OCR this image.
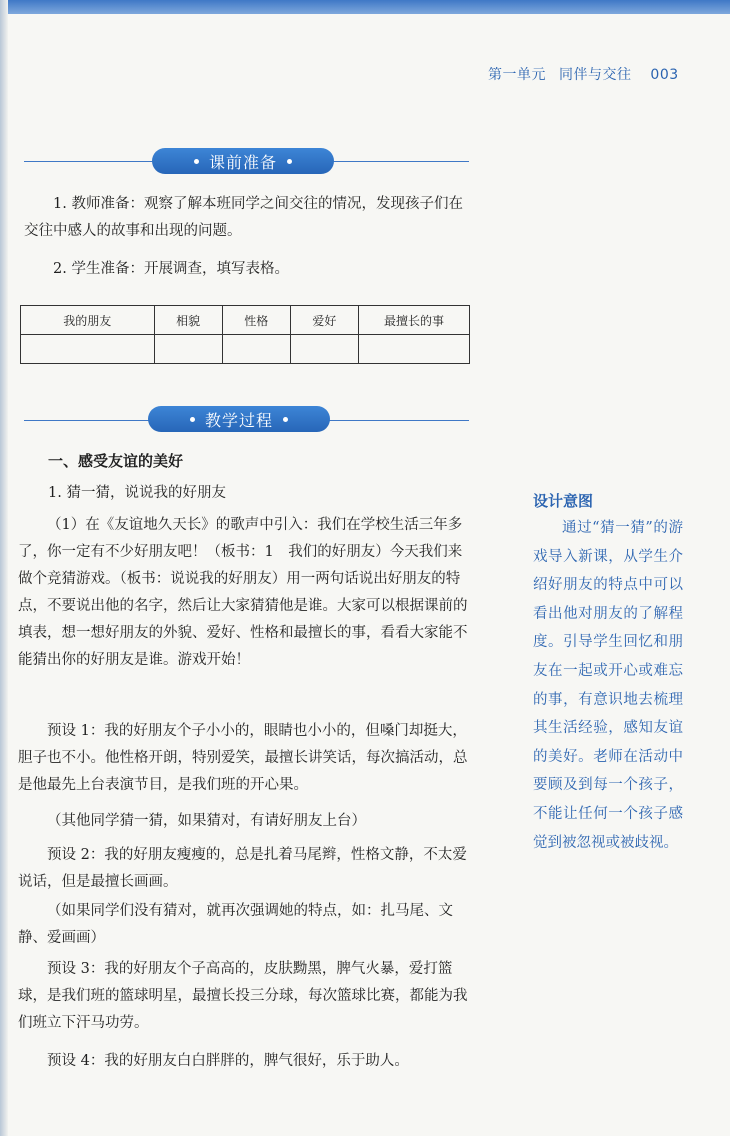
第一单元 同伴与交往 003
课前准备
1. 教师准备：观察了解本班同学之间交往的情况，发现孩子们在交往中感人的故事和出现的问题。
2. 学生准备：开展调查，填写表格。
我的朋友	相貌	性格	爱好	最擅长的事

教学过程
一、感受友谊的美好
1. 猜一猜，说说我的好朋友
（1）在《友谊地久天长》的歌声中引入：我们在学校生活三年多了，你一定有不少好朋友吧！（板书：1　我们的好朋友）今天我们来做个竞猜游戏。（板书：说说我的好朋友）用一两句话说出好朋友的特点，不要说出他的名字，然后让大家猜猜他是谁。大家可以根据课前的填表，想一想好朋友的外貌、爱好、性格和最擅长的事，看看大家能不能猜出你的好朋友是谁。游戏开始！
预设 1：我的好朋友个子小小的，眼睛也小小的，但嗓门却挺大，胆子也不小。他性格开朗，特别爱笑，最擅长讲笑话，每次搞活动，总是他最先上台表演节目，是我们班的开心果。
（其他同学猜一猜，如果猜对，有请好朋友上台）
预设 2：我的好朋友瘦瘦的，总是扎着马尾辫，性格文静，不太爱说话，但是最擅长画画。
（如果同学们没有猜对，就再次强调她的特点，如：扎马尾、文静、爱画画）
预设 3：我的好朋友个子高高的，皮肤黝黑，脾气火暴，爱打篮球，是我们班的篮球明星，最擅长投三分球，每次篮球比赛，都能为我们班立下汗马功劳。
预设 4：我的好朋友白白胖胖的，脾气很好，乐于助人。
设计意图
通过“猜一猜”的游戏导入新课，从学生介绍好朋友的特点中可以看出他对朋友的了解程度。引导学生回忆和朋友在一起或开心或难忘的事，有意识地去梳理其生活经验，感知友谊的美好。老师在活动中要顾及到每一个孩子，不能让任何一个孩子感觉到被忽视或被歧视。
